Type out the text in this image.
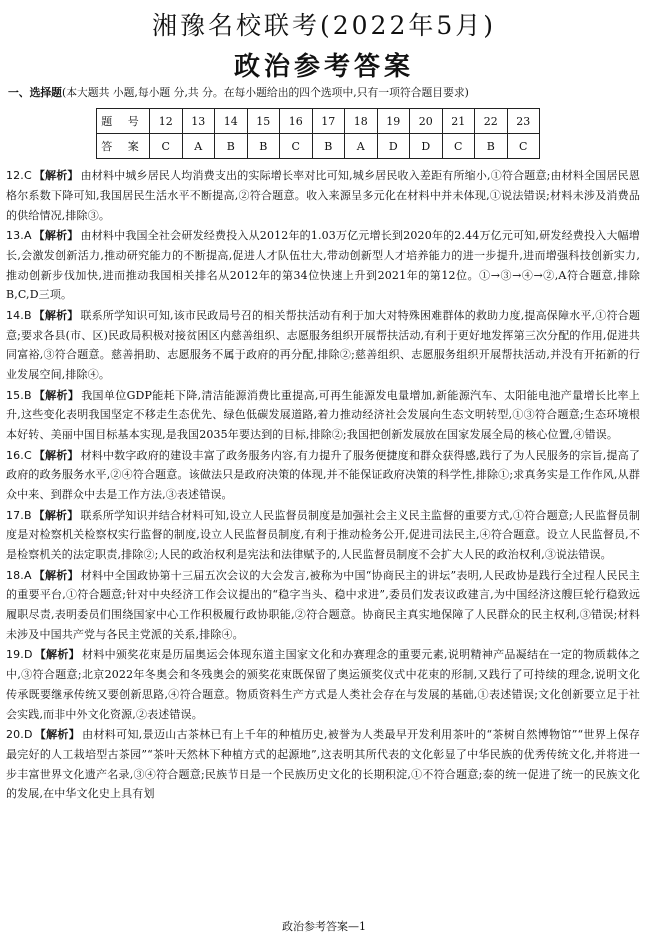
湘豫名校联考(2022年5月)
政治参考答案
一、选择题(本大题共 小题,每小题 分,共 分。在每小题给出的四个选项中,只有一项符合题目要求)
题 号	12	13	14	15	16	17	18	19	20	21	22	23
答 案	C	A	B	B	C	B	A	D	D	C	B	C

12.C 【解析】 由材料中城乡居民人均消费支出的实际增长率对比可知,城乡居民收入差距有所缩小,①符合题意;由材料全国居民恩格尔系数下降可知,我国居民生活水平不断提高,②符合题意。收入来源呈多元化在材料中并未体现,①说法错误;材料未涉及消费品的供给情况,排除③。

13.A 【解析】 由材料中我国全社会研发经费投入从2012年的1.03万亿元增长到2020年的2.44万亿元可知,研发经费投入大幅增长,会激发创新活力,推动研究能力的不断提高,促进人才队伍壮大,带动创新型人才培养能力的进一步提升,进而增强科技创新实力,推动创新步伐加快,进而推动我国相关排名从2012年的第34位快速上升到2021年的第12位。①→③→④→②,A符合题意,排除B,C,D三项。

14.B 【解析】 联系所学知识可知,该市民政局号召的相关帮扶活动有利于加大对特殊困难群体的救助力度,提高保障水平,①符合题意;要求各县(市、区)民政局积极对接贫困区内慈善组织、志愿服务组织开展帮扶活动,有利于更好地发挥第三次分配的作用,促进共同富裕,③符合题意。慈善捐助、志愿服务不属于政府的再分配,排除②;慈善组织、志愿服务组织开展帮扶活动,并没有开拓新的行业发展空间,排除④。

15.B 【解析】 我国单位GDP能耗下降,清洁能源消费比重提高,可再生能源发电量增加,新能源汽车、太阳能电池产量增长比率上升,这些变化表明我国坚定不移走生态优先、绿色低碳发展道路,着力推动经济社会发展向生态文明转型,①③符合题意;生态环境根本好转、美丽中国目标基本实现,是我国2035年要达到的目标,排除②;我国把创新发展放在国家发展全局的核心位置,④错误。

16.C 【解析】 材料中数字政府的建设丰富了政务服务内容,有力提升了服务便捷度和群众获得感,践行了为人民服务的宗旨,提高了政府的政务服务水平,②④符合题意。该做法只是政府决策的体现,并不能保证政府决策的科学性,排除①;求真务实是工作作风,从群众中来、到群众中去是工作方法,③表述错误。

17.B 【解析】 联系所学知识并结合材料可知,设立人民监督员制度是加强社会主义民主监督的重要方式,①符合题意;人民监督员制度是对检察机关检察权实行监督的制度,设立人民监督员制度,有利于推动检务公开,促进司法民主,④符合题意。设立人民监督员,不是检察机关的法定职责,排除②;人民的政治权利是宪法和法律赋予的,人民监督员制度不会扩大人民的政治权利,③说法错误。

18.A 【解析】 材料中全国政协第十三届五次会议的大会发言,被称为中国“协商民主的讲坛”表明,人民政协是践行全过程人民民主的重要平台,①符合题意;针对中央经济工作会议提出的“稳字当头、稳中求进”,委员们发表议政建言,为中国经济这艘巨轮行稳致远履职尽责,表明委员们围绕国家中心工作积极履行政协职能,②符合题意。协商民主真实地保障了人民群众的民主权利,③错误;材料未涉及中国共产党与各民主党派的关系,排除④。

19.D 【解析】 材料中颁奖花束是历届奥运会体现东道主国家文化和办赛理念的重要元素,说明精神产品凝结在一定的物质载体之中,③符合题意;北京2022年冬奥会和冬残奥会的颁奖花束既保留了奥运颁奖仪式中花束的形制,又践行了可持续的理念,说明文化传承既要继承传统又要创新思路,④符合题意。物质资料生产方式是人类社会存在与发展的基础,①表述错误;文化创新要立足于社会实践,而非中外文化资源,②表述错误。

20.D 【解析】 由材料可知,景迈山古茶林已有上千年的种植历史,被誉为人类最早开发利用茶叶的“茶树自然博物馆”“世界上保存最完好的人工栽培型古茶园”“茶叶天然林下种植方式的起源地”,这表明其所代表的文化彰显了中华民族的优秀传统文化,并将进一步丰富世界文化遗产名录,③④符合题意;民族节日是一个民族历史文化的长期积淀,①不符合题意;泰的统一促进了统一的民族文化的发展,在中华文化史上具有划

政治参考答案—1
